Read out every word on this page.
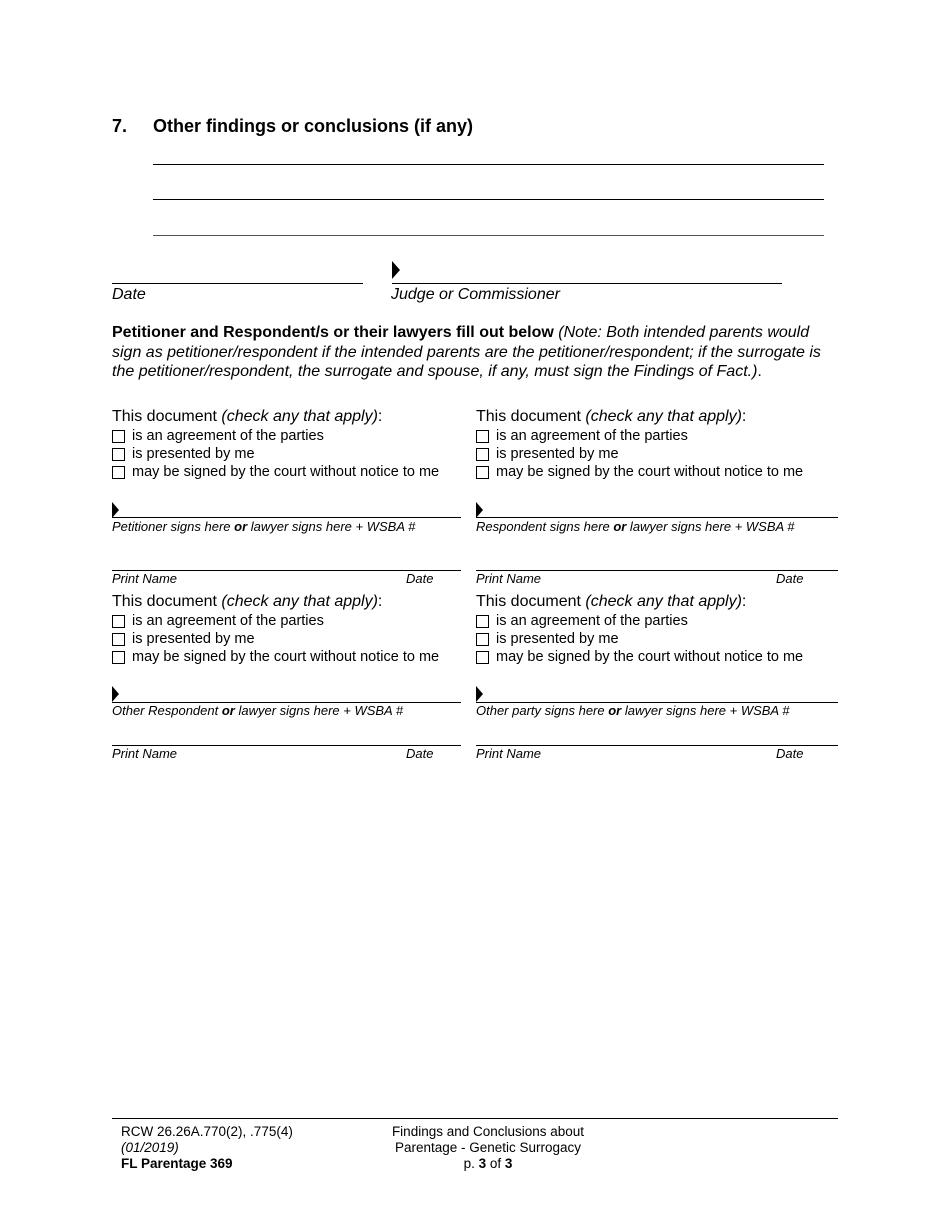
7. Other findings or conclusions (if any)
Date	Judge or Commissioner
Petitioner and Respondent/s or their lawyers fill out below (Note: Both intended parents would sign as petitioner/respondent if the intended parents are the petitioner/respondent; if the surrogate is the petitioner/respondent, the surrogate and spouse, if any, must sign the Findings of Fact.).
This document (check any that apply):
is an agreement of the parties
is presented by me
may be signed by the court without notice to me
Petitioner signs here or lawyer signs here + WSBA #
Print Name	Date
This document (check any that apply):
is an agreement of the parties
is presented by me
may be signed by the court without notice to me
Respondent signs here or lawyer signs here + WSBA #
Print Name	Date
This document (check any that apply):
is an agreement of the parties
is presented by me
may be signed by the court without notice to me
Other Respondent or lawyer signs here + WSBA #
Print Name	Date
This document (check any that apply):
is an agreement of the parties
is presented by me
may be signed by the court without notice to me
Other party signs here or lawyer signs here + WSBA #
Print Name	Date
RCW 26.26A.770(2), .775(4)
(01/2019)
FL Parentage 369
Findings and Conclusions about
Parentage - Genetic Surrogacy
p. 3 of 3
